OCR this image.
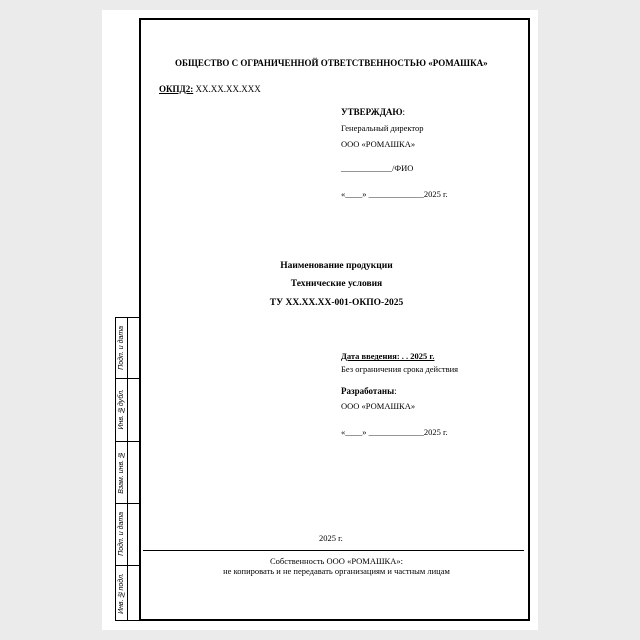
ОБЩЕСТВО С ОГРАНИЧЕННОЙ ОТВЕТСТВЕННОСТЬЮ «РОМАШКА»
ОКПД2: XX.XX.XX.XXX
УТВЕРЖДАЮ:
Генеральный директор
ООО «РОМАШКА»
____________/ФИО
«____» _____________2025 г.
Наименование продукции
Технические условия
ТУ XX.XX.XX-001-ОКПО-2025
Дата введения: . . 2025 г.
Без ограничения срока действия
Разработаны:
ООО «РОМАШКА»
«____» _____________2025 г.
2025 г.
Собственность ООО «РОМАШКА»:
не копировать и не передавать организациям и частным лицам
Подп. и дата
Инв. №дубл.
Взам. инв. №
Подп. и дата
Инв. №подл.
